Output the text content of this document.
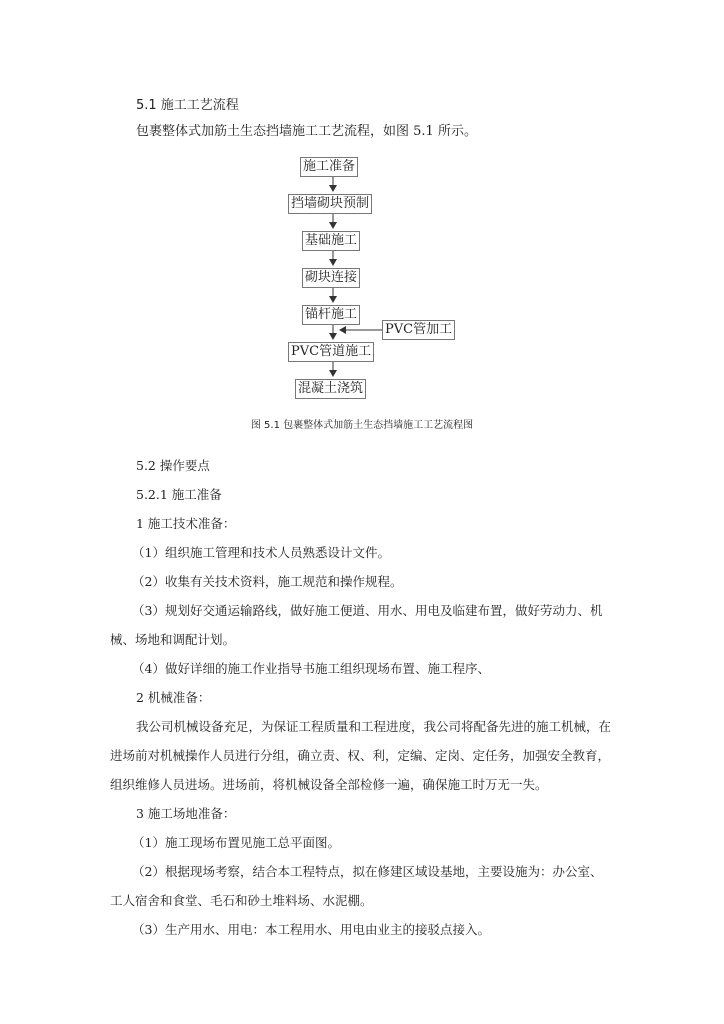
5.1 施工工艺流程
包裹整体式加筋土生态挡墙施工工艺流程，如图 5.1 所示。
施工准备
挡墙砌块预制
基础施工
砌块连接
锚杆施工
PVC管道施工
混凝土浇筑
PVC管加工
图 5.1 包裹整体式加筋土生态挡墙施工工艺流程图
5.2 操作要点
5.2.1 施工准备
1 施工技术准备：
（1）组织施工管理和技术人员熟悉设计文件。
（2）收集有关技术资料，施工规范和操作规程。
（3）规划好交通运输路线，做好施工便道、用水、用电及临建布置，做好劳动力、机
械、场地和调配计划。
（4）做好详细的施工作业指导书施工组织现场布置、施工程序、
2 机械准备：
我公司机械设备充足，为保证工程质量和工程进度，我公司将配备先进的施工机械，在
进场前对机械操作人员进行分组，确立责、权、利，定编、定岗、定任务，加强安全教育，
组织维修人员进场。进场前，将机械设备全部检修一遍，确保施工时万无一失。
3 施工场地准备：
（1）施工现场布置见施工总平面图。
（2）根据现场考察，结合本工程特点，拟在修建区域设基地，主要设施为：办公室、
工人宿舍和食堂、毛石和砂土堆料场、水泥棚。
（3）生产用水、用电：本工程用水、用电由业主的接驳点接入。
